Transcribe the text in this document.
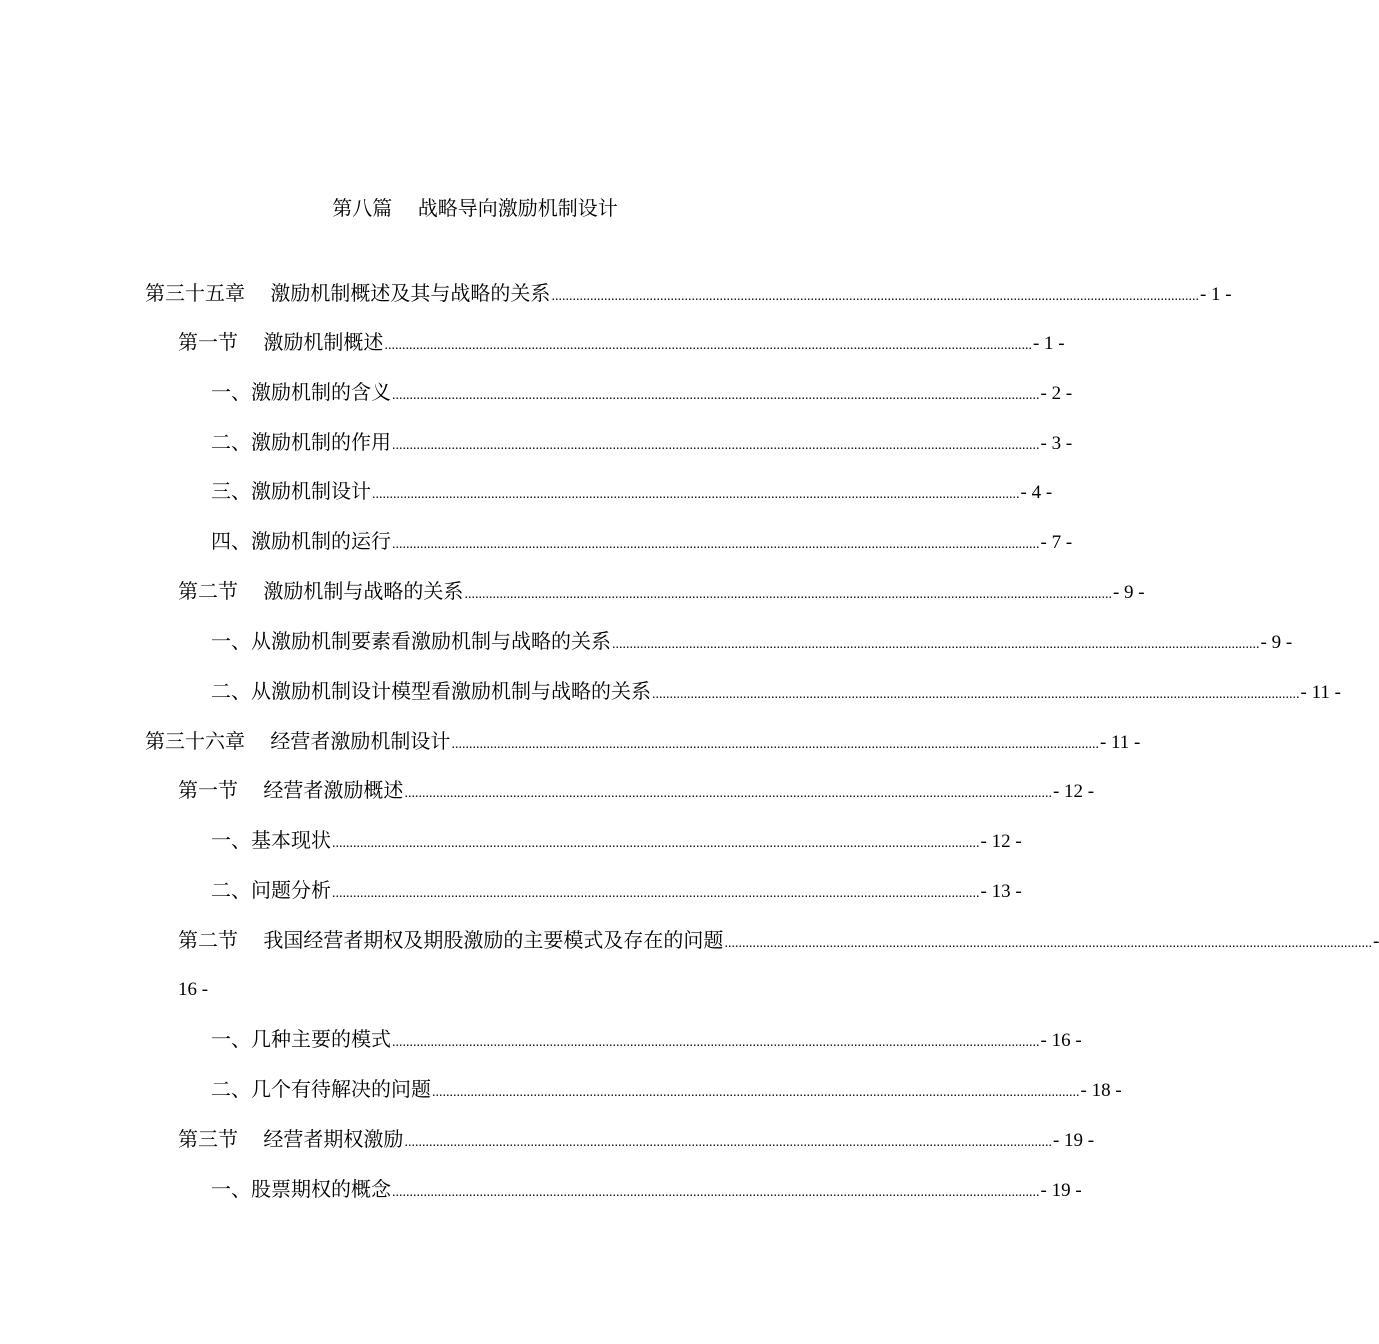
第八篇    战略导向激励机制设计
第三十五章    激励机制概述及其与战略的关系 ......................................................................................................................................................................................... - 1 -
第一节    激励机制概述 ......................................................................................................................................................................................... - 1 -
一、激励机制的含义 ......................................................................................................................................................................................... - 2 -
二、激励机制的作用 ......................................................................................................................................................................................... - 3 -
三、激励机制设计 ......................................................................................................................................................................................... - 4 -
四、激励机制的运行 ......................................................................................................................................................................................... - 7 -
第二节    激励机制与战略的关系 ......................................................................................................................................................................................... - 9 -
一、从激励机制要素看激励机制与战略的关系 ......................................................................................................................................................................................... - 9 -
二、从激励机制设计模型看激励机制与战略的关系 ......................................................................................................................................................................................... - 11 -
第三十六章    经营者激励机制设计 ......................................................................................................................................................................................... - 11 -
第一节    经营者激励概述 ......................................................................................................................................................................................... - 12 -
一、基本现状 ......................................................................................................................................................................................... - 12 -
二、问题分析 ......................................................................................................................................................................................... - 13 -
第二节    我国经营者期权及期股激励的主要模式及存在的问题 ......................................................................................................................................................................................... -
16 -
一、几种主要的模式 ......................................................................................................................................................................................... - 16 -
二、几个有待解决的问题 ......................................................................................................................................................................................... - 18 -
第三节    经营者期权激励 ......................................................................................................................................................................................... - 19 -
一、股票期权的概念 ......................................................................................................................................................................................... - 19 -
